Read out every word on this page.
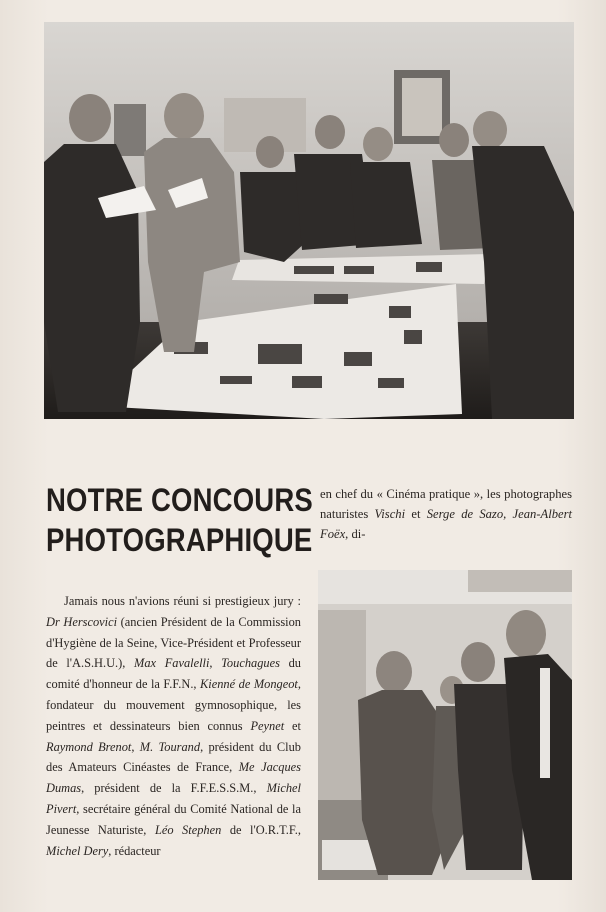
NOTRE CONCOURS
PHOTOGRAPHIQUE
en chef du « Cinéma pratique », les photographes naturistes Vischi et Serge de Sazo, Jean-Albert Foëx, di-
Jamais nous n'avions réuni si prestigieux jury : Dr Herscovici (ancien Président de la Commission d'Hygiène de la Seine, Vice-Président et Professeur de l'A.S.H.U.), Max Favalelli, Touchagues du comité d'honneur de la F.F.N., Kienné de Mongeot, fondateur du mouvement gymnosophique, les peintres et dessinateurs bien connus Peynet et Raymond Brenot, M. Tourand, président du Club des Amateurs Cinéastes de France, Me Jacques Dumas, président de la F.F.E.S.S.M., Michel Pivert, secrétaire général du Comité National de la Jeunesse Naturiste, Léo Stephen de l'O.R.T.F., Michel Dery, rédacteur
